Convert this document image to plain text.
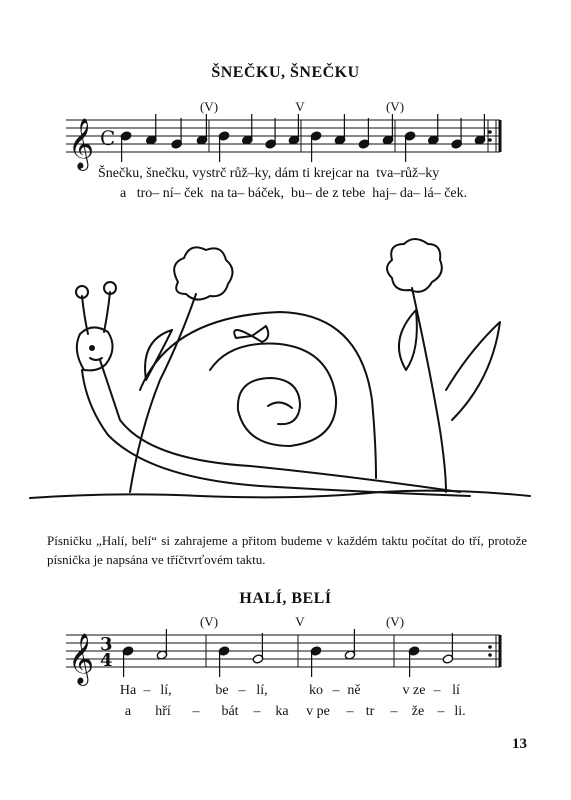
ŠNEČKU, ŠNEČKU
(V)	V	(V)
𝄞 C
Šnečku, šnečku, vystrč růž–ky, dám ti krejcar na  tva–růž–ky
a   tro– ní– ček  na ta– báček,  bu– de z tebe  haj– da– lá– ček.
Písničku „Halí, belí“ si zahrajeme a přitom budeme v každém taktu počítat do tří, protože písnička je napsána ve tříčtvrťovém taktu.
HALÍ, BELÍ
(V)	V	(V)
𝄞 3
4
Ha – lí,	be – lí,	ko – ně	v ze – lí
a hří – bát – ka v pe – tr – že – li.
13
